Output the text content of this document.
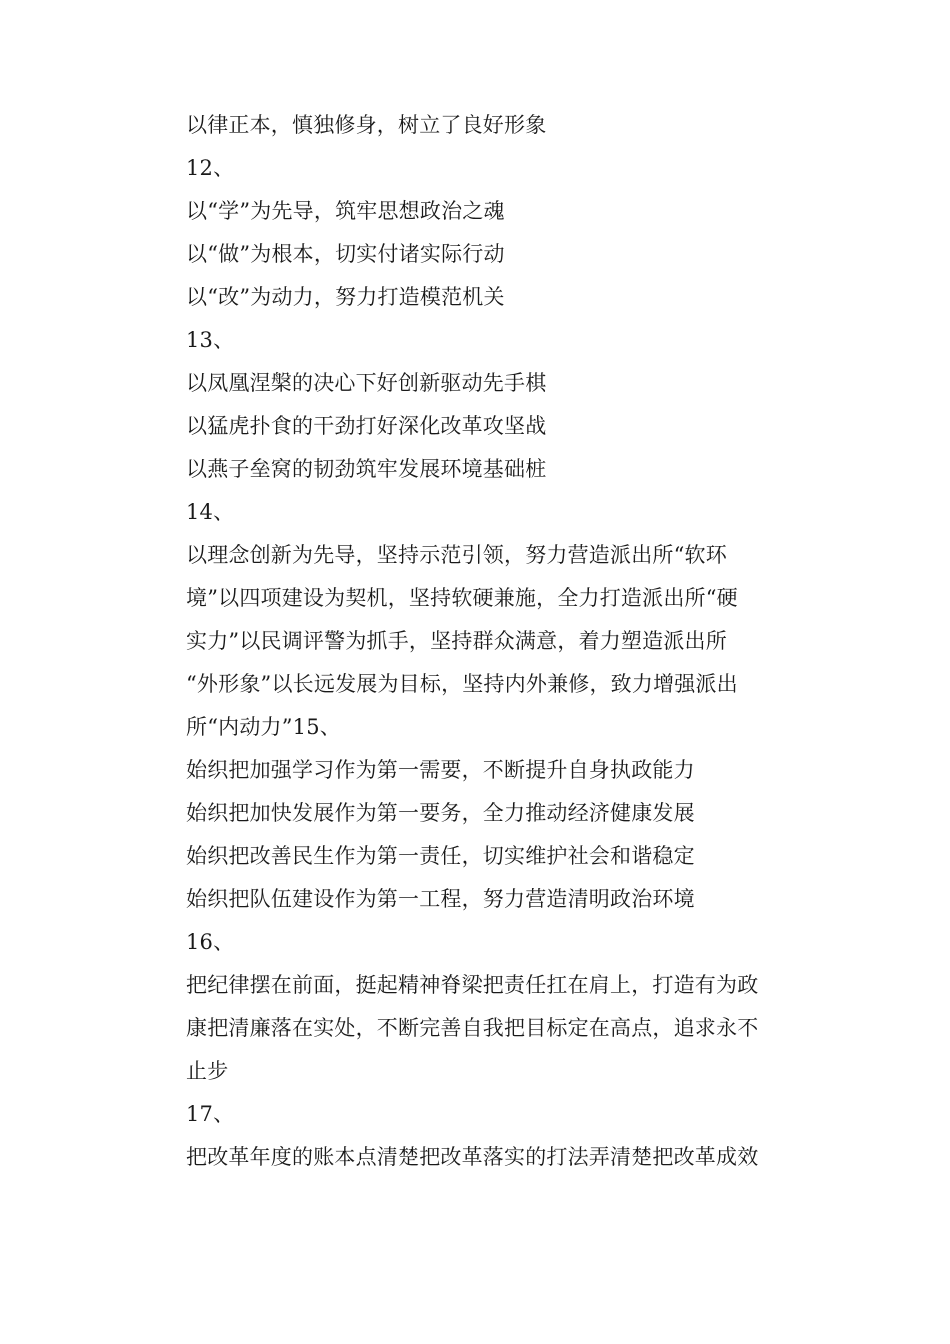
以律正本，慎独修身，树立了良好形象
12、
以“学”为先导，筑牢思想政治之魂
以“做”为根本，切实付诸实际行动
以“改”为动力，努力打造模范机关
13、
以凤凰涅槃的决心下好创新驱动先手棋
以猛虎扑食的干劲打好深化改革攻坚战
以燕子垒窝的韧劲筑牢发展环境基础桩
14、
以理念创新为先导，坚持示范引领，努力营造派出所“软环
境”以四项建设为契机，坚持软硬兼施，全力打造派出所“硬
实力”以民调评警为抓手，坚持群众满意，着力塑造派出所
“外形象”以长远发展为目标，坚持内外兼修，致力增强派出
所“内动力”15、
始织把加强学习作为第一需要，不断提升自身执政能力
始织把加快发展作为第一要务，全力推动经济健康发展
始织把改善民生作为第一责任，切实维护社会和谐稳定
始织把队伍建设作为第一工程，努力营造清明政治环境
16、
把纪律摆在前面，挺起精神脊梁把责任扛在肩上，打造有为政
康把清廉落在实处，不断完善自我把目标定在高点，追求永不
止步
17、
把改革年度的账本点清楚把改革落实的打法弄清楚把改革成效
